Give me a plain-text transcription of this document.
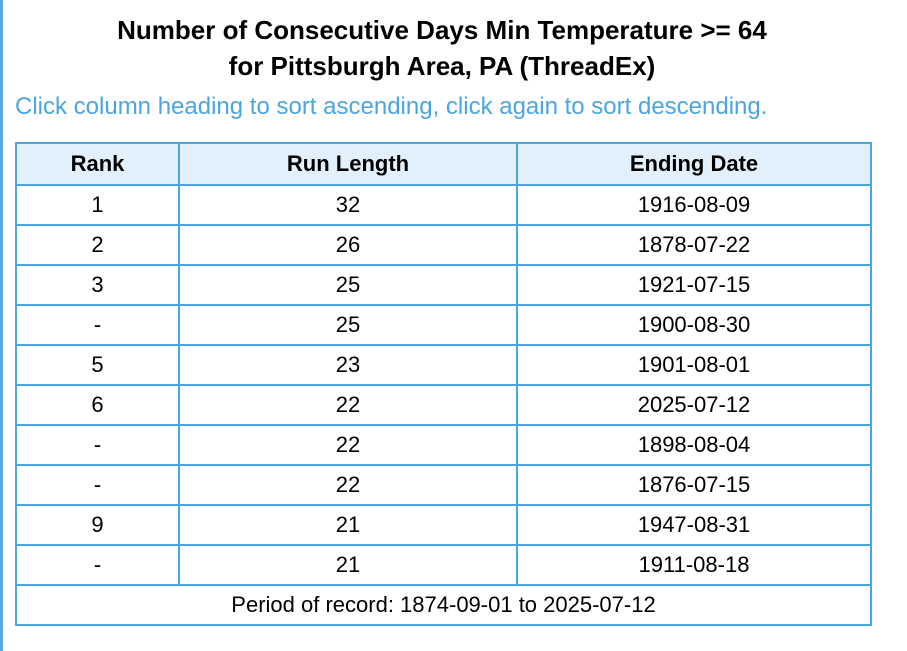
Number of Consecutive Days Min Temperature >= 64
for Pittsburgh Area, PA (ThreadEx)
Click column heading to sort ascending, click again to sort descending.
Rank	Run Length	Ending Date
1	32	1916-08-09
2	26	1878-07-22
3	25	1921-07-15
-	25	1900-08-30
5	23	1901-08-01
6	22	2025-07-12
-	22	1898-08-04
-	22	1876-07-15
9	21	1947-08-31
-	21	1911-08-18
Period of record: 1874-09-01 to 2025-07-12		
